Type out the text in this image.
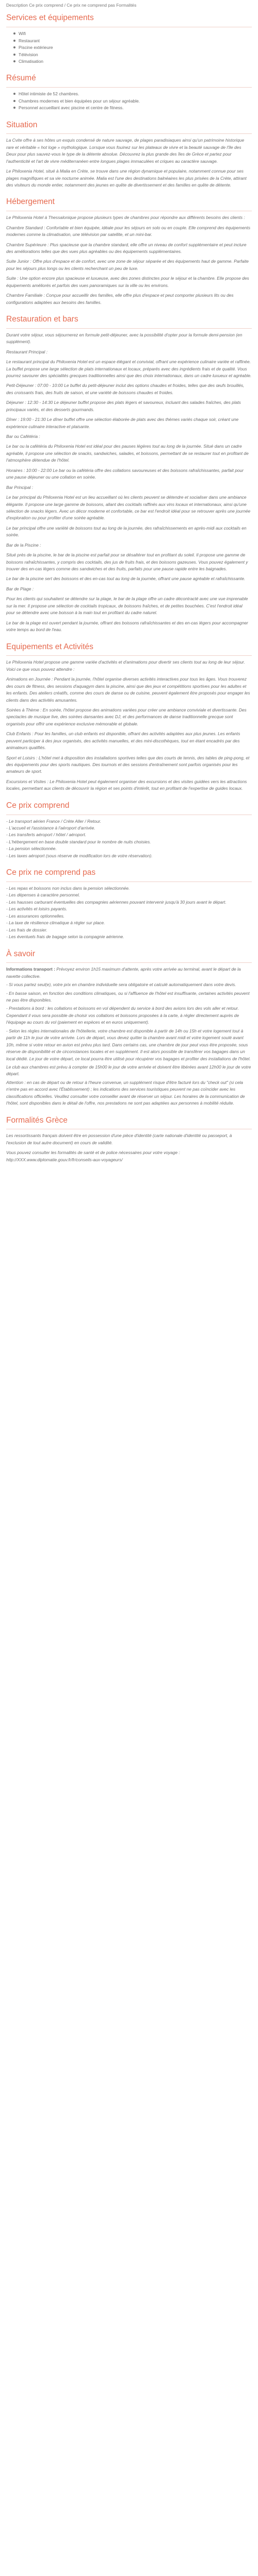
Description Ce prix comprend / Ce prix ne comprend pas Formalités
Services et équipements
Wifi
Restaurant
Piscine extérieure
Télévision
Climatisation
Résumé
Hôtel intimiste de 52 chambres.
Chambres modernes et bien équipées pour un séjour agréable.
Personnel accueillant avec piscine et centre de fitness.
Situation

La Cvite offre à ses hôtes un exquis condensé de nature sauvage, de plages paradisiaques ainsi qu'un patrimoine historique rare et véritable « hot loge » mythologique. Lorsque vous fouinez sur les plateaux de vivre et la beauté sauvage de l'île des Deux pour plus sauvez-vous le type de la détente absolue. Découvrez la plus grande des îles de Grèce et partez pour l'authenticité et l'art de vivre méditerranéen entre longues plages immaculées et criques au caractère sauvage.

Le Philoxenia Hotel, situé à Malia en Crète, se trouve dans une région dynamique et populaire, notamment connue pour ses plages magnifiques et sa vie nocturne animée. Malia est l'une des destinations balnéaires les plus prisées de la Crète, attirant des visiteurs du monde entier, notamment des jeunes en quête de divertissement et des familles en quête de détente.

Hébergement

Le Philoxenia Hotel à Thessalonique propose plusieurs types de chambres pour répondre aux différents besoins des clients :

Chambre Standard : Confortable et bien équipée, idéale pour les séjours en solo ou en couple. Elle comprend des équipements modernes comme la climatisation, une télévision par satellite, et un mini-bar.

Chambre Supérieure : Plus spacieuse que la chambre standard, elle offre un niveau de confort supplémentaire et peut inclure des améliorations telles que des vues plus agréables ou des équipements supplémentaires.

Suite Junior : Offre plus d'espace et de confort, avec une zone de séjour séparée et des équipements haut de gamme. Parfaite pour les séjours plus longs ou les clients recherchant un peu de luxe.

Suite : Une option encore plus spacieuse et luxueuse, avec des zones distinctes pour le séjour et la chambre. Elle propose des équipements améliorés et parfois des vues panoramiques sur la ville ou les environs.

Chambre Familiale : Conçue pour accueillir des familles, elle offre plus d'espace et peut comporter plusieurs lits ou des configurations adaptées aux besoins des familles.

Restauration et bars

Durant votre séjour, vous séjournerez en formule petit-déjeuner, avec la possibilité d'opter pour la formule demi-pension (en supplément).

Restaurant Principal :

Le restaurant principal du Philoxenia Hotel est un espace élégant et convivial, offrant une expérience culinaire variée et raffinée. La buffet propose une large sélection de plats internationaux et locaux, préparés avec des ingrédients frais et de qualité. Vous pourrez savourer des spécialités grecques traditionnelles ainsi que des choix internationaux, dans un cadre luxueux et agréable.

Petit-Déjeuner : 07:00 - 10:00 Le buffet du petit-déjeuner inclut des options chaudes et froides, telles que des œufs brouillés, des croissants frais, des fruits de saison, et une variété de boissons chaudes et froides.

Déjeuner : 12:30 - 14:30 Le déjeuner buffet propose des plats légers et savoureux, incluant des salades fraîches, des plats principaux variés, et des desserts gourmands.

Dîner : 19:00 - 21:30 Le dîner buffet offre une sélection élaborée de plats avec des thèmes variés chaque soir, créant une expérience culinaire interactive et plaisante.

Bar ou Cafétéria :

Le bar ou la cafétéria du Philoxenia Hotel est idéal pour des pauses légères tout au long de la journée. Situé dans un cadre agréable, il propose une sélection de snacks, sandwiches, salades, et boissons, permettant de se restaurer tout en profitant de l'atmosphère détendue de l'hôtel.

Horaires : 10:00 - 22:00 Le bar ou la cafétéria offre des collations savoureuses et des boissons rafraîchissantes, parfait pour une pause déjeuner ou une collation en soirée.

Bar Principal :

Le bar principal du Philoxenia Hotel est un lieu accueillant où les clients peuvent se détendre et socialiser dans une ambiance élégante. Il propose une large gamme de boissons, allant des cocktails raffinés aux vins locaux et internationaux, ainsi qu'une sélection de snacks légers. Avec un décor moderne et confortable, ce bar est l'endroit idéal pour se retrouver après une journée d'exploration ou pour profiter d'une soirée agréable.

Le bar principal offre une variété de boissons tout au long de la journée, des rafraîchissements en après-midi aux cocktails en soirée.

Bar de la Piscine :

Situé près de la piscine, le bar de la piscine est parfait pour se désaltérer tout en profitant du soleil. Il propose une gamme de boissons rafraîchissantes, y compris des cocktails, des jus de fruits frais, et des boissons gazeuses. Vous pouvez également y trouver des en-cas légers comme des sandwiches et des fruits, parfaits pour une pause rapide entre les baignades.

Le bar de la piscine sert des boissons et des en-cas tout au long de la journée, offrant une pause agréable et rafraîchissante.

Bar de Plage :

Pour les clients qui souhaitent se détendre sur la plage, le bar de la plage offre un cadre décontracté avec une vue imprenable sur la mer. Il propose une sélection de cocktails tropicaux, de boissons fraîches, et de petites bouchées. C'est l'endroit idéal pour se détendre avec une boisson à la main tout en profitant du cadre naturel.

Le bar de la plage est ouvert pendant la journée, offrant des boissons rafraîchissantes et des en-cas légers pour accompagner votre temps au bord de l'eau.

Equipements et Activités

Le Philoxenia Hotel propose une gamme variée d'activités et d'animations pour divertir ses clients tout au long de leur séjour. Voici ce que vous pouvez attendre :

Animations en Journée : Pendant la journée, l'hôtel organise diverses activités interactives pour tous les âges. Vous trouverez des cours de fitness, des sessions d'aquagym dans la piscine, ainsi que des jeux et compétitions sportives pour les adultes et les enfants. Des ateliers créatifs, comme des cours de danse ou de cuisine, peuvent également être proposés pour engager les clients dans des activités amusantes.

Soirées à Thème : En soirée, l'hôtel propose des animations variées pour créer une ambiance conviviale et divertissante. Des spectacles de musique live, des soirées dansantes avec DJ, et des performances de danse traditionnelle grecque sont organisés pour offrir une expérience exclusive mémorable et globale.

Club Enfants : Pour les familles, un club enfants est disponible, offrant des activités adaptées aux plus jeunes. Les enfants peuvent participer à des jeux organisés, des activités manuelles, et des mini-discothèques, tout en étant encadrés par des animateurs qualifiés.

Sport et Loisirs : L'hôtel met à disposition des installations sportives telles que des courts de tennis, des tables de ping-pong, et des équipements pour des sports nautiques. Des tournois et des sessions d'entraînement sont parfois organisés pour les amateurs de sport.

Excursions et Visites : Le Philoxenia Hotel peut également organiser des excursions et des visites guidées vers les attractions locales, permettant aux clients de découvrir la région et ses points d'intérêt, tout en profitant de l'expertise de guides locaux.

Ce prix comprend
- Le transport aérien France / Crète Aller / Retour.
- L'accueil et l'assistance à l'aéroport d'arrivée.
- Les transferts aéroport / hôtel / aéroport.
- L'hébergement en base double standard pour le nombre de nuits choisies.
- La pension sélectionnée.
- Les taxes aéroport (sous réserve de modification lors de votre réservation).
Ce prix ne comprend pas
- Les repas et boissons non inclus dans la pension sélectionnée.
- Les dépenses à caractère personnel.
- Les hausses carburant éventuelles des compagnies aériennes pouvant intervenir jusqu'à 30 jours avant le départ.
- Les activités et loisirs payants.
- Les assurances optionnelles.
- La taxe de résilience climatique à régler sur place.
- Les frais de dossier.
- Les éventuels frais de bagage selon la compagnie aérienne.
À savoir

Informations transport : Prévoyez environ 1h15 maximum d'attente, après votre arrivée au terminal, avant le départ de la navette collective.

- Si vous partez seul(e), votre prix en chambre individuelle sera obligatoire et calculé automatiquement dans votre devis.

- En basse saison, en fonction des conditions climatiques, ou si l'affluence de l'hôtel est insuffisante, certaines activités peuvent ne pas être disponibles.

- Prestations à bord : les collations et boissons en vol dépendent du service à bord des avions lors des vols aller et retour. Cependant il vous sera possible de choisir vos collations et boissons proposées à la carte, à régler directement auprès de l'équipage au cours du vol (paiement en espèces et en euros uniquement).

- Selon les règles internationales de l'hôtellerie, votre chambre est disponible à partir de 14h ou 15h et votre logement tout à partir de 11h le jour de votre arrivée. Lors de départ, vous devez quitter la chambre avant midi et votre logement soulé avant 10h, même si votre retour en avion est prévu plus tard. Dans certains cas, une chambre de jour peut vous être proposée, sous réserve de disponibilité et de circonstances locales et en supplément. Il est alors possible de transférer vos bagages dans un local dédié. Le jour de votre départ, ce local pourra être utilisé pour récupérer vos bagages et profiter des installations de l'hôtel.

Le club aux chambres est prévu à compter de 15h00 le jour de votre arrivée et doivent être libérées avant 12h00 le jour de votre départ.

Attention : en cas de départ ou de retour à l'heure convenue, un supplément risque d'être facturé lors du "check out" (si cela n'entre pas en accord avec l'Établissement) ; les indications des services touristiques peuvent ne pas coïncider avec les classifications officielles. Veuillez consulter votre conseiller avant de réserver un séjour. Les horaires de la communication de l'hôtel, sont disponibles dans le détail de l'offre, nos prestations ne sont pas adaptées aux personnes à mobilité réduite.

Formalités Grèce

Les ressortissants français doivent être en possession d'une pièce d'identité (carte nationale d'identité ou passeport, à l'exclusion de tout autre document) en cours de validité.

Vous pouvez consulter les formalités de santé et de police nécessaires pour votre voyage : http://XXX.www.diplomatie.gouv.fr/fr/conseils-aux-voyageurs/
